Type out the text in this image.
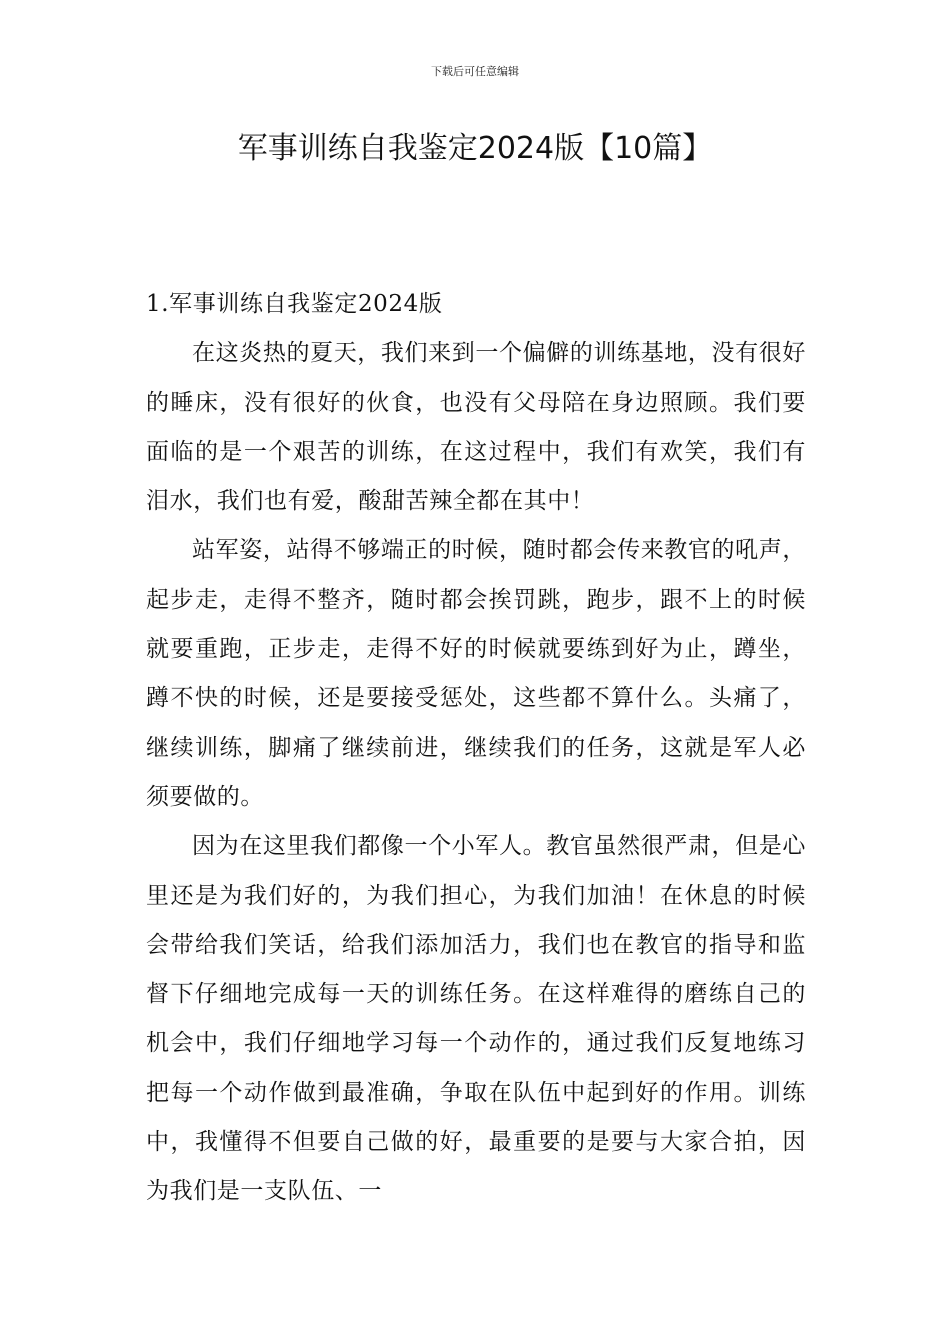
下载后可任意编辑
军事训练自我鉴定2024版【10篇】
1.军事训练自我鉴定2024版

在这炎热的夏天，我们来到一个偏僻的训练基地，没有很好的睡床，没有很好的伙食，也没有父母陪在身边照顾。我们要面临的是一个艰苦的训练，在这过程中，我们有欢笑，我们有泪水，我们也有爱，酸甜苦辣全都在其中！

站军姿，站得不够端正的时候，随时都会传来教官的吼声，起步走，走得不整齐，随时都会挨罚跳，跑步，跟不上的时候就要重跑，正步走，走得不好的时候就要练到好为止，蹲坐，蹲不快的时候，还是要接受惩处，这些都不算什么。头痛了，继续训练，脚痛了继续前进，继续我们的任务，这就是军人必须要做的。

因为在这里我们都像一个小军人。教官虽然很严肃，但是心里还是为我们好的，为我们担心，为我们加油！在休息的时候会带给我们笑话，给我们添加活力，我们也在教官的指导和监督下仔细地完成每一天的训练任务。在这样难得的磨练自己的机会中，我们仔细地学习每一个动作的，通过我们反复地练习把每一个动作做到最准确，争取在队伍中起到好的作用。训练中，我懂得不但要自己做的好，最重要的是要与大家合拍，因为我们是一支队伍、一
